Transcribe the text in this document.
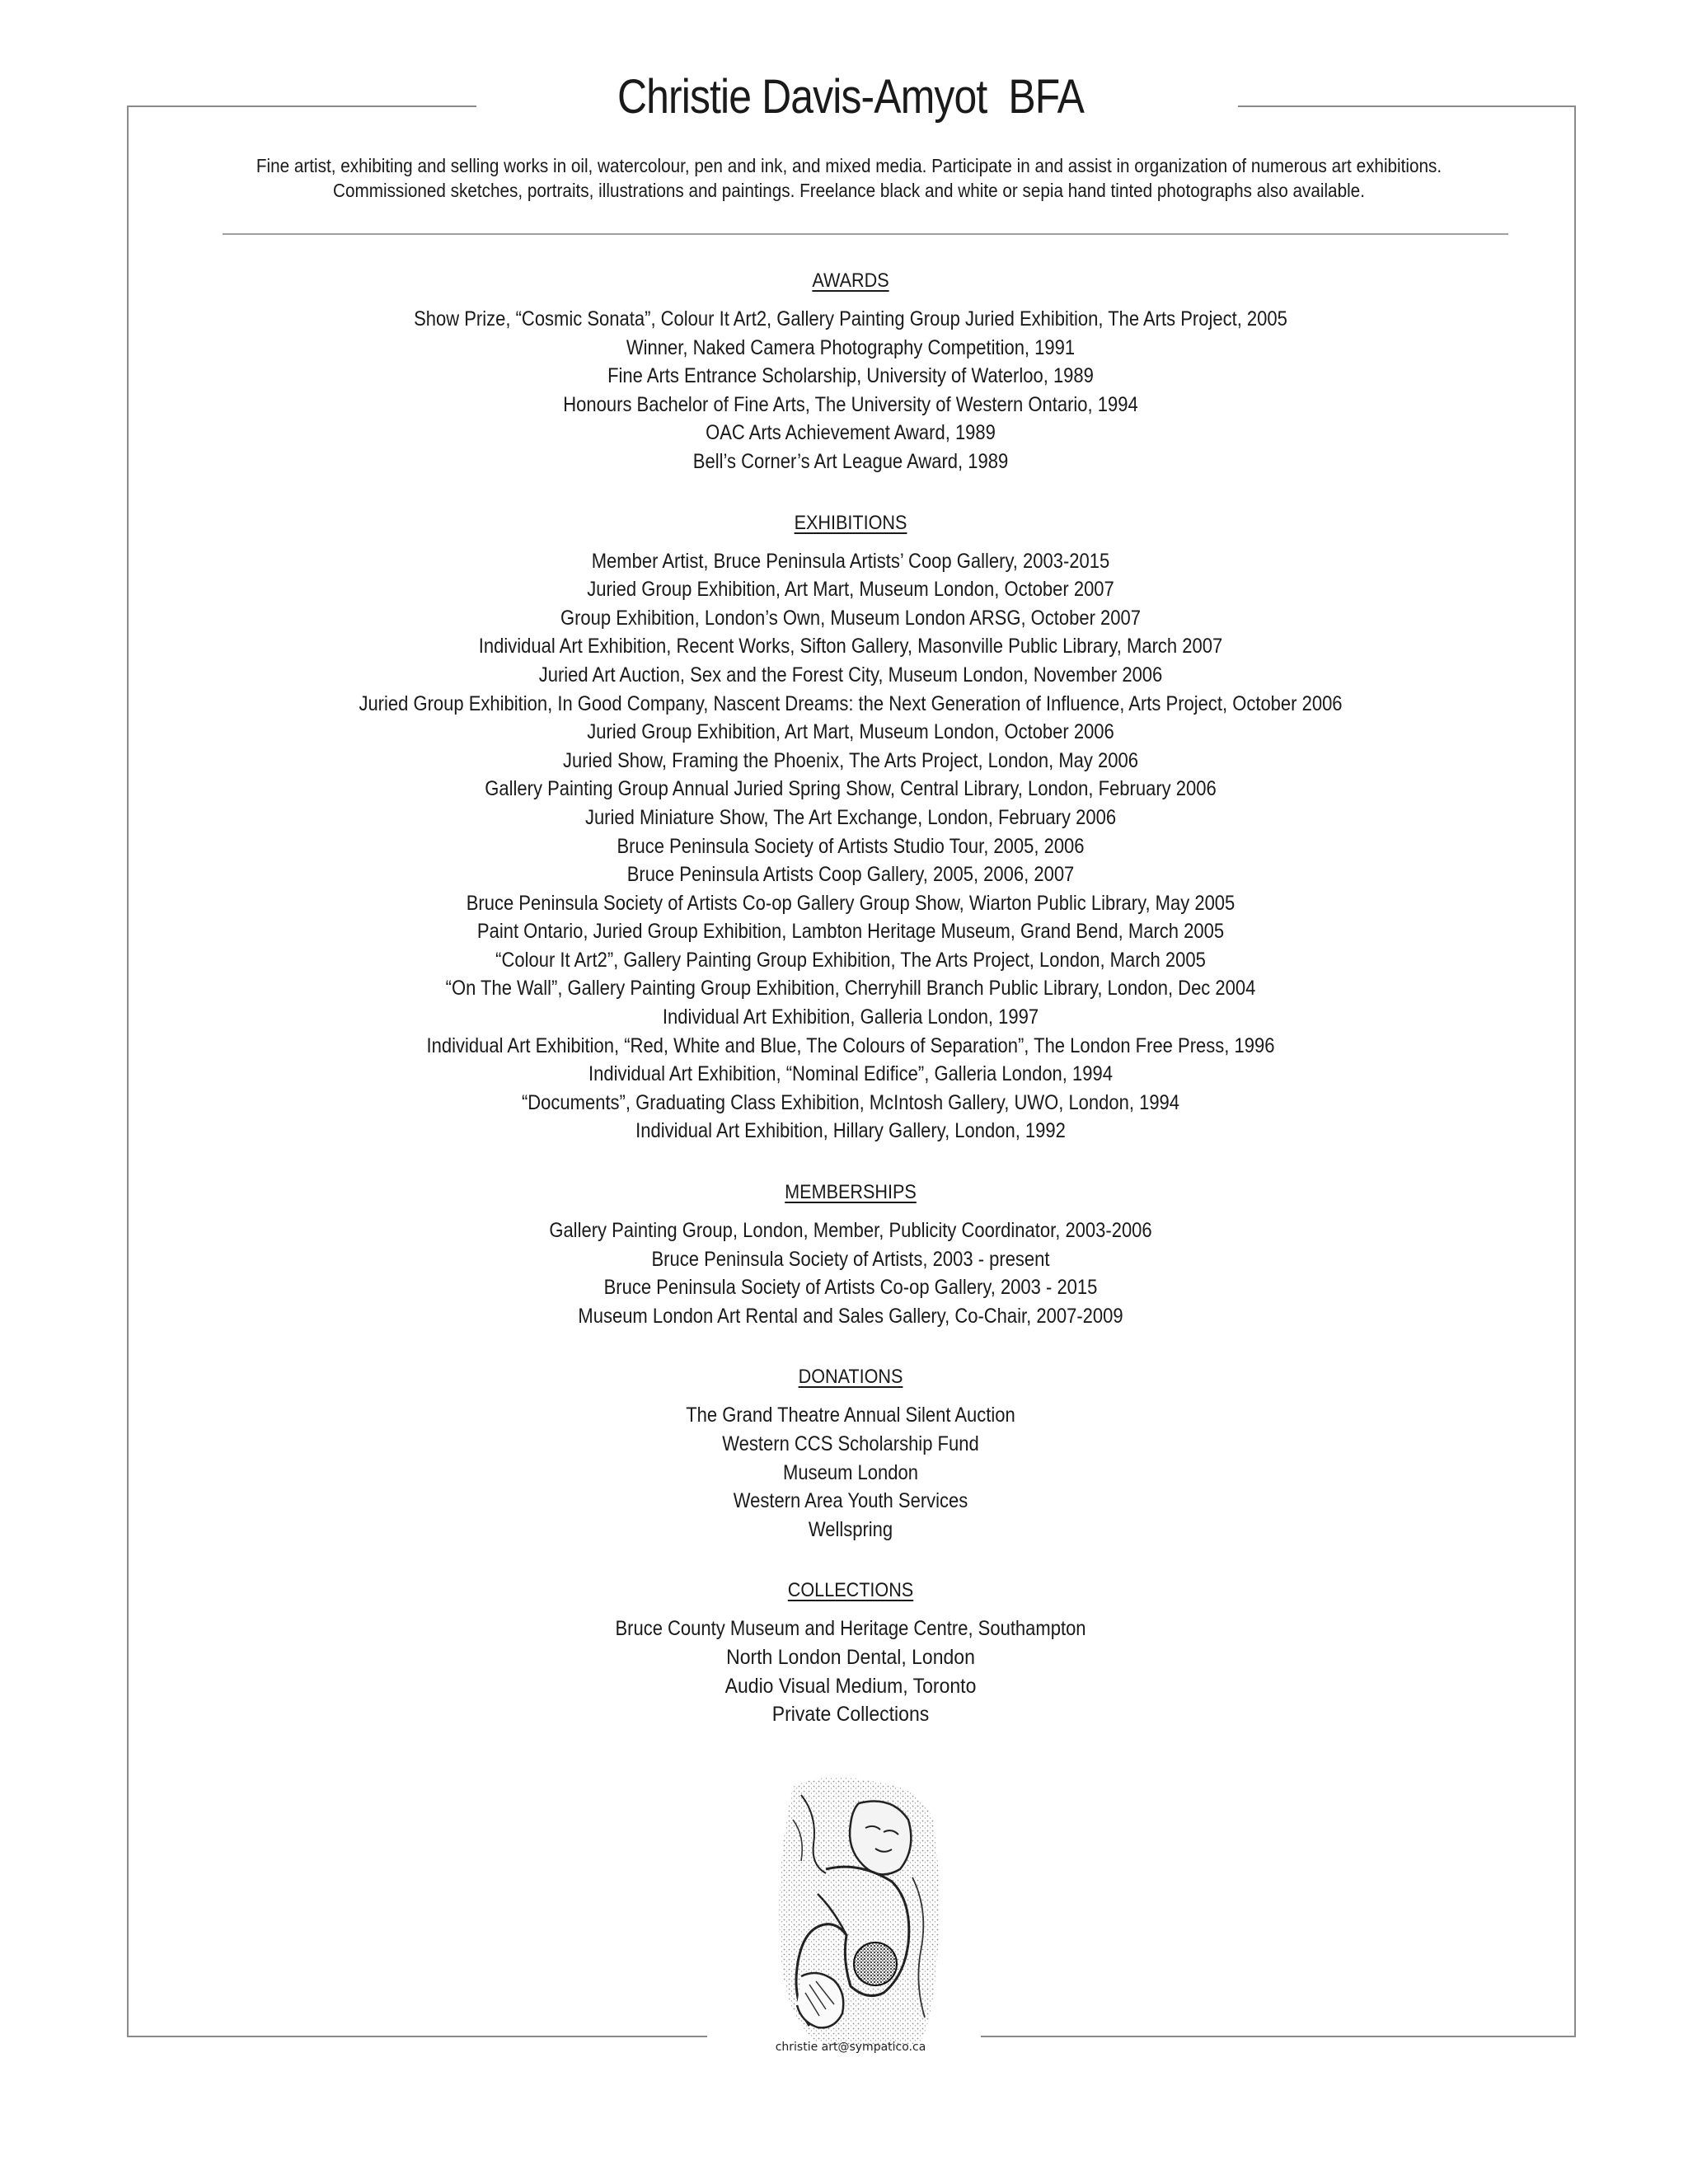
Christie Davis-Amyot  BFA
Fine artist, exhibiting and selling works in oil, watercolour, pen and ink, and mixed media. Participate in and assist in organization of numerous art exhibitions.
Commissioned sketches, portraits, illustrations and paintings. Freelance black and white or sepia hand tinted photographs also available.
AWARDS
Show Prize, “Cosmic Sonata”, Colour It Art2, Gallery Painting Group Juried Exhibition, The Arts Project, 2005
Winner, Naked Camera Photography Competition, 1991
Fine Arts Entrance Scholarship, University of Waterloo, 1989
Honours Bachelor of Fine Arts, The University of Western Ontario, 1994
OAC Arts Achievement Award, 1989
Bell’s Corner’s Art League Award, 1989
EXHIBITIONS
Member Artist, Bruce Peninsula Artists’ Coop Gallery, 2003-2015
Juried Group Exhibition, Art Mart, Museum London, October 2007
Group Exhibition, London’s Own, Museum London ARSG, October 2007
Individual Art Exhibition, Recent Works, Sifton Gallery, Masonville Public Library, March 2007
Juried Art Auction, Sex and the Forest City, Museum London, November 2006
Juried Group Exhibition, In Good Company, Nascent Dreams: the Next Generation of Influence, Arts Project, October 2006
Juried Group Exhibition, Art Mart, Museum London, October 2006
Juried Show, Framing the Phoenix, The Arts Project, London, May 2006
Gallery Painting Group Annual Juried Spring Show, Central Library, London, February 2006
Juried Miniature Show, The Art Exchange, London, February 2006
Bruce Peninsula Society of Artists Studio Tour, 2005, 2006
Bruce Peninsula Artists Coop Gallery, 2005, 2006, 2007
Bruce Peninsula Society of Artists Co-op Gallery Group Show, Wiarton Public Library, May 2005
Paint Ontario, Juried Group Exhibition, Lambton Heritage Museum, Grand Bend, March 2005
“Colour It Art2”, Gallery Painting Group Exhibition, The Arts Project, London, March 2005
“On The Wall”, Gallery Painting Group Exhibition, Cherryhill Branch Public Library, London, Dec 2004
Individual Art Exhibition, Galleria London, 1997
Individual Art Exhibition, “Red, White and Blue, The Colours of Separation”, The London Free Press, 1996
Individual Art Exhibition, “Nominal Edifice”, Galleria London, 1994
“Documents”, Graduating Class Exhibition, McIntosh Gallery, UWO, London, 1994
Individual Art Exhibition, Hillary Gallery, London, 1992
MEMBERSHIPS
Gallery Painting Group, London, Member, Publicity Coordinator, 2003-2006
Bruce Peninsula Society of Artists, 2003 - present
Bruce Peninsula Society of Artists Co-op Gallery, 2003 - 2015
Museum London Art Rental and Sales Gallery, Co-Chair, 2007-2009
DONATIONS
The Grand Theatre Annual Silent Auction
Western CCS Scholarship Fund
Museum London
Western Area Youth Services
Wellspring
COLLECTIONS
Bruce County Museum and Heritage Centre, Southampton
North London Dental, London
Audio Visual Medium, Toronto
Private Collections
christie art@sympatico.ca
